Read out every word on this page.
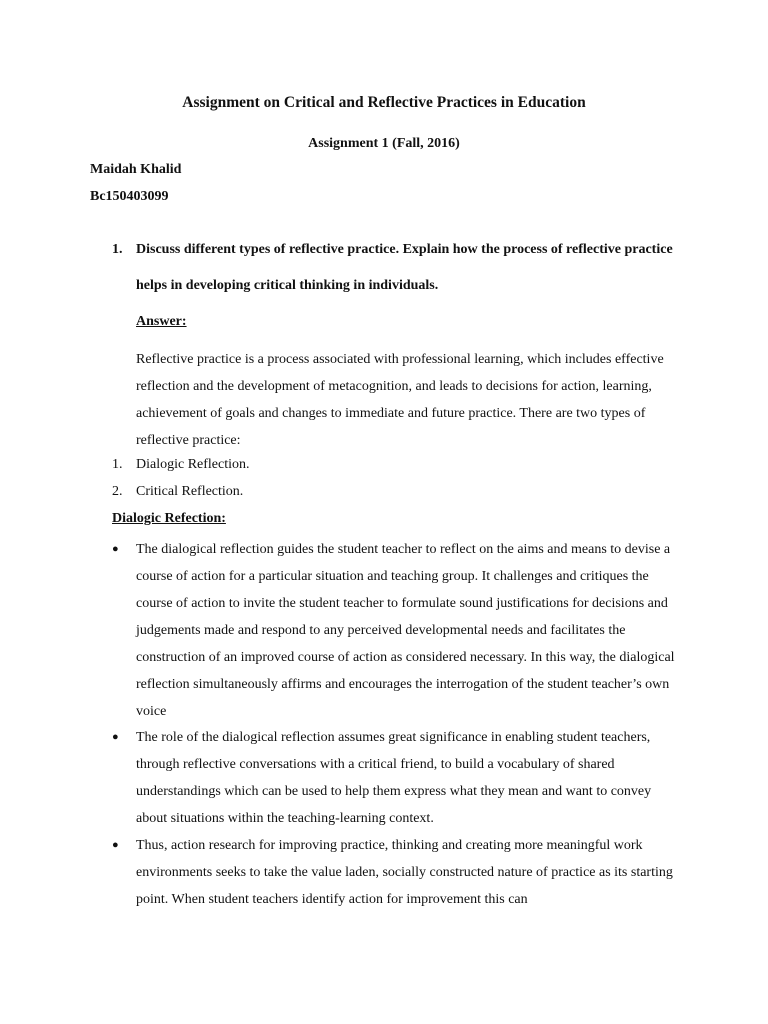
Assignment on Critical and Reflective Practices in Education
Assignment 1 (Fall, 2016)
Maidah Khalid
Bc150403099
1. Discuss different types of reflective practice. Explain how the process of reflective practice helps in developing critical thinking in individuals.
Answer:
Reflective practice is a process associated with professional learning, which includes effective reflection and the development of metacognition, and leads to decisions for action, learning, achievement of goals and changes to immediate and future practice. There are two types of reflective practice:
1. Dialogic Reflection.
2. Critical Reflection.
Dialogic Refection:
●	The dialogical reflection guides the student teacher to reflect on the aims and means to devise a course of action for a particular situation and teaching group. It challenges and critiques the course of action to invite the student teacher to formulate sound justifications for decisions and judgements made and respond to any perceived developmental needs and facilitates the construction of an improved course of action as considered necessary. In this way, the dialogical reflection simultaneously affirms and encourages the interrogation of the student teacher’s own voice
●	The role of the dialogical reflection assumes great significance in enabling student teachers, through reflective conversations with a critical friend, to build a vocabulary of shared understandings which can be used to help them express what they mean and want to convey about situations within the teaching-learning context.
●	Thus, action research for improving practice, thinking and creating more meaningful work environments seeks to take the value laden, socially constructed nature of practice as its starting point. When student teachers identify action for improvement this can
